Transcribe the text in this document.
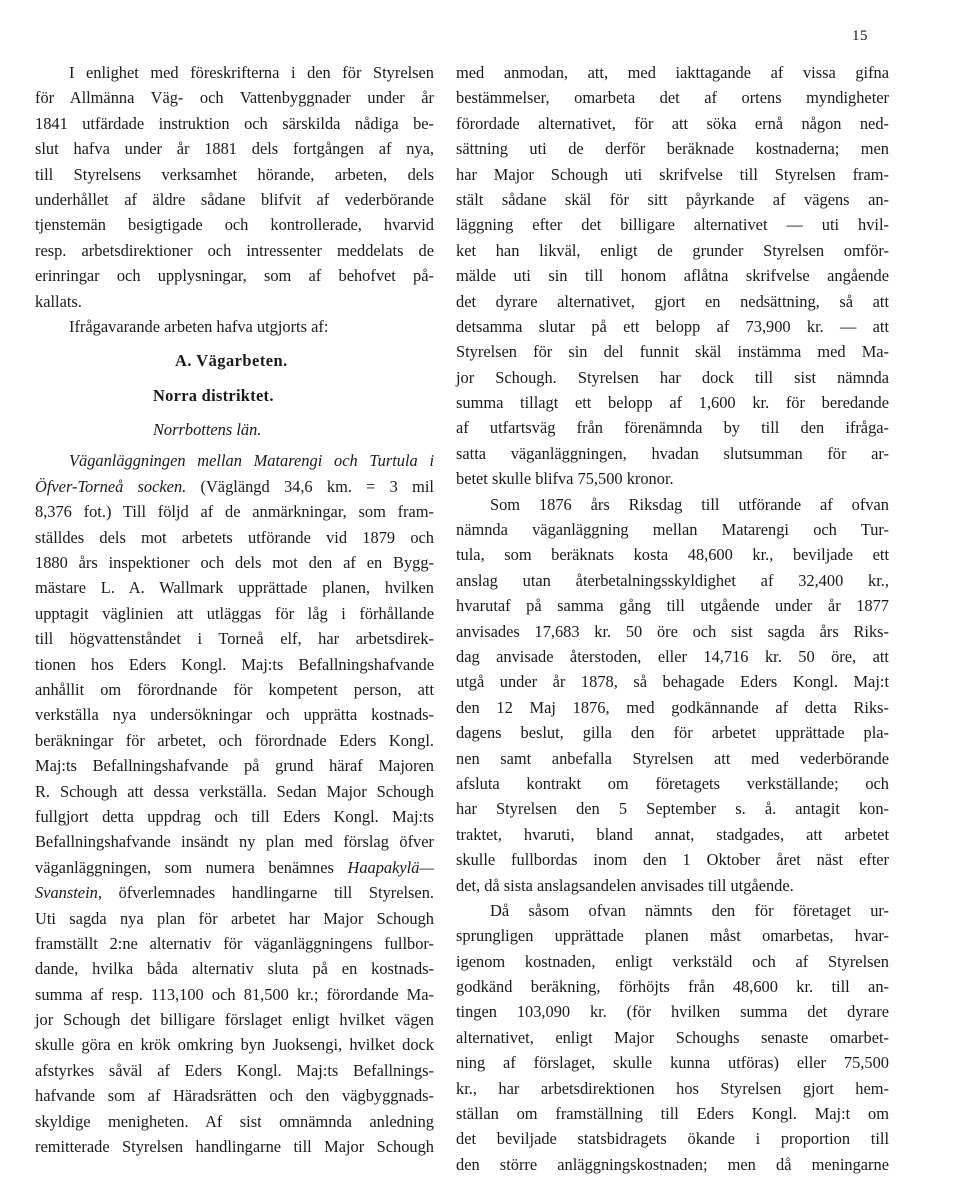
15
I enlighet med föreskrifterna i den för Styrelsen
för Allmänna Väg- och Vattenbyggnader under år
1841 utfärdade instruktion och särskilda nådiga be-
slut hafva under år 1881 dels fortgången af nya,
till Styrelsens verksamhet hörande, arbeten, dels
underhållet af äldre sådane blifvit af vederbörande
tjenstemän besigtigade och kontrollerade, hvarvid
resp. arbetsdirektioner och intressenter meddelats de
erinringar och upplysningar, som af behofvet på-
kallats.
Ifrågavarande arbeten hafva utgjorts af:
A. Vägarbeten.
Norra distriktet.
Norrbottens län.
Väganläggningen mellan Matarengi och Turtula i
Öfver-Torneå socken. (Väglängd 34,6 km. = 3 mil
8,376 fot.) Till följd af de anmärkningar, som fram-
ställdes dels mot arbetets utförande vid 1879 och
1880 års inspektioner och dels mot den af en Bygg-
mästare L. A. Wallmark upprättade planen, hvilken
upptagit väglinien att utläggas för låg i förhållande
till högvattenståndet i Torneå elf, har arbetsdirek-
tionen hos Eders Kongl. Maj:ts Befallningshafvande
anhållit om förordnande för kompetent person, att
verkställa nya undersökningar och upprätta kostnads-
beräkningar för arbetet, och förordnade Eders Kongl.
Maj:ts Befallningshafvande på grund häraf Majoren
R. Schough att dessa verkställa. Sedan Major Schough
fullgjort detta uppdrag och till Eders Kongl. Maj:ts
Befallningshafvande insändt ny plan med förslag öfver
väganläggningen, som numera benämnes Haapakylä—
Svanstein, öfverlemnades handlingarne till Styrelsen.
Uti sagda nya plan för arbetet har Major Schough
framställt 2:ne alternativ för väganläggningens fullbor-
dande, hvilka båda alternativ sluta på en kostnads-
summa af resp. 113,100 och 81,500 kr.; förordande Ma-
jor Schough det billigare förslaget enligt hvilket vägen
skulle göra en krök omkring byn Juoksengi, hvilket dock
afstyrkes såväl af Eders Kongl. Maj:ts Befallnings-
hafvande som af Häradsrätten och den vägbyggnads-
skyldige menigheten. Af sist omnämnda anledning
remitterade Styrelsen handlingarne till Major Schough
med anmodan, att, med iakttagande af vissa gifna
bestämmelser, omarbeta det af ortens myndigheter
förordade alternativet, för att söka ernå någon ned-
sättning uti de derför beräknade kostnaderna; men
har Major Schough uti skrifvelse till Styrelsen fram-
stält sådane skäl för sitt påyrkande af vägens an-
läggning efter det billigare alternativet — uti hvil-
ket han likväl, enligt de grunder Styrelsen omför-
mälde uti sin till honom aflåtna skrifvelse angående
det dyrare alternativet, gjort en nedsättning, så att
detsamma slutar på ett belopp af 73,900 kr. — att
Styrelsen för sin del funnit skäl instämma med Ma-
jor Schough. Styrelsen har dock till sist nämnda
summa tillagt ett belopp af 1,600 kr. för beredande
af utfartsväg från förenämnda by till den ifråga-
satta väganläggningen, hvadan slutsumman för ar-
betet skulle blifva 75,500 kronor.
Som 1876 års Riksdag till utförande af ofvan
nämnda väganläggning mellan Matarengi och Tur-
tula, som beräknats kosta 48,600 kr., beviljade ett
anslag utan återbetalningsskyldighet af 32,400 kr.,
hvarutaf på samma gång till utgående under år 1877
anvisades 17,683 kr. 50 öre och sist sagda års Riks-
dag anvisade återstoden, eller 14,716 kr. 50 öre, att
utgå under år 1878, så behagade Eders Kongl. Maj:t
den 12 Maj 1876, med godkännande af detta Riks-
dagens beslut, gilla den för arbetet upprättade pla-
nen samt anbefalla Styrelsen att med vederbörande
afsluta kontrakt om företagets verkställande; och
har Styrelsen den 5 September s. å. antagit kon-
traktet, hvaruti, bland annat, stadgades, att arbetet
skulle fullbordas inom den 1 Oktober året näst efter
det, då sista anslagsandelen anvisades till utgående.
Då såsom ofvan nämnts den för företaget ur-
sprungligen upprättade planen måst omarbetas, hvar-
igenom kostnaden, enligt verkstäld och af Styrelsen
godkänd beräkning, förhöjts från 48,600 kr. till an-
tingen 103,090 kr. (för hvilken summa det dyrare
alternativet, enligt Major Schoughs senaste omarbet-
ning af förslaget, skulle kunna utföras) eller 75,500
kr., har arbetsdirektionen hos Styrelsen gjort hem-
ställan om framställning till Eders Kongl. Maj:t om
det beviljade statsbidragets ökande i proportion till
den större anläggningskostnaden; men då meningarne
